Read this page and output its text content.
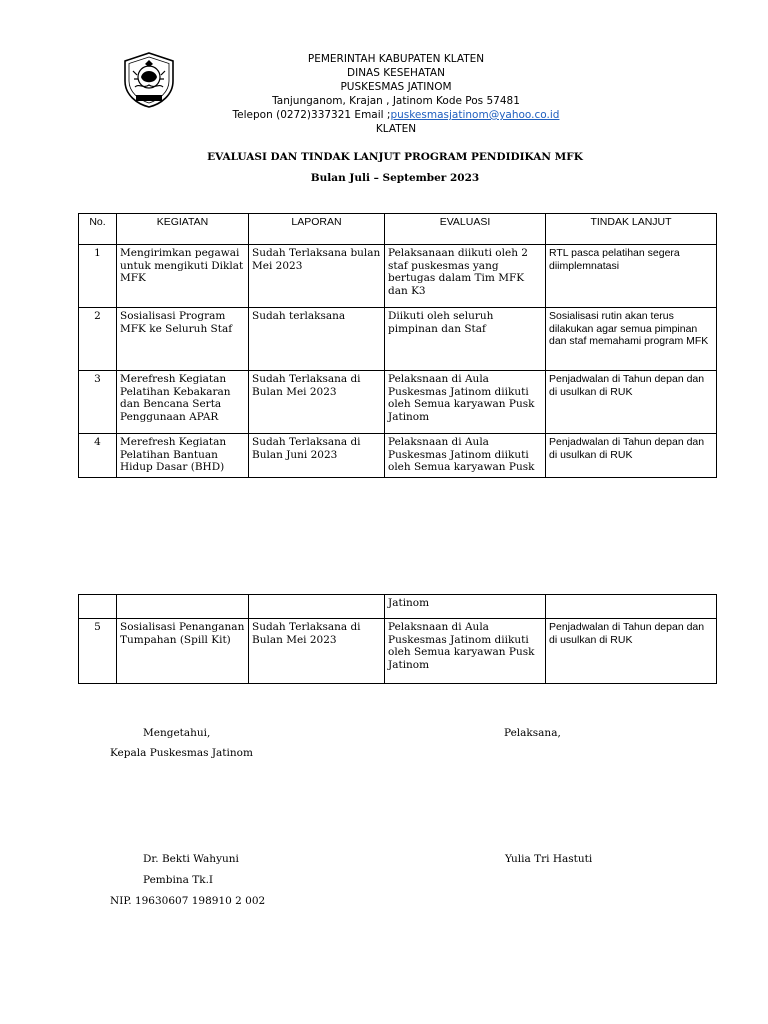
PEMERINTAH KABUPATEN KLATEN
DINAS KESEHATAN
PUSKESMAS JATINOM
Tanjunganom, Krajan , Jatinom Kode Pos 57481
Telepon (0272)337321 Email ;puskesmasjatinom@yahoo.co.id
KLATEN
EVALUASI DAN TINDAK LANJUT PROGRAM PENDIDIKAN MFK
Bulan Juli – September 2023
No.	KEGIATAN	LAPORAN	EVALUASI	TINDAK LANJUT
1	Mengirimkan pegawai untuk mengikuti Diklat MFK	Sudah Terlaksana bulan Mei 2023	Pelaksanaan diikuti oleh 2 staf puskesmas yang bertugas dalam Tim MFK dan K3	RTL pasca pelatihan segera diimplemnatasi
2	Sosialisasi Program MFK ke Seluruh Staf	Sudah terlaksana	Diikuti oleh seluruh pimpinan dan Staf	Sosialisasi rutin akan terus dilakukan agar semua pimpinan dan staf memahami program MFK
3	Merefresh Kegiatan Pelatihan Kebakaran dan Bencana Serta Penggunaan APAR	Sudah Terlaksana di Bulan Mei 2023	Pelaksnaan di Aula Puskesmas Jatinom diikuti oleh Semua karyawan Pusk Jatinom	Penjadwalan di Tahun depan dan di usulkan di RUK
4	Merefresh Kegiatan Pelatihan Bantuan Hidup Dasar (BHD)	Sudah Terlaksana di Bulan Juni 2023	Pelaksnaan di Aula Puskesmas Jatinom diikuti oleh Semua karyawan Pusk	Penjadwalan di Tahun depan dan di usulkan di RUK
			Jatinom	
5	Sosialisasi Penanganan Tumpahan (Spill Kit)	Sudah Terlaksana di Bulan Mei 2023	Pelaksnaan di Aula Puskesmas Jatinom diikuti oleh Semua karyawan Pusk Jatinom	Penjadwalan di Tahun depan dan di usulkan di RUK
Mengetahui,	Pelaksana,
Kepala Puskesmas Jatinom
Dr. Bekti Wahyuni	Yulia Tri Hastuti
Pembina Tk.I
NIP. 19630607 198910 2 002
